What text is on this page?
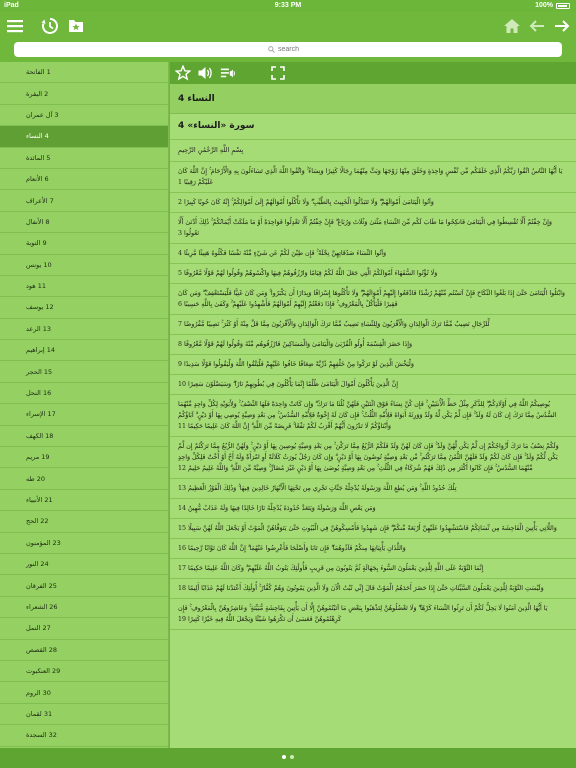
iPad	9:33 PM	100%
search
1 الفاتحة
2 البقرة
3 آل عمران
4 النساء
5 المائدة
6 الأنعام
7 الأعراف
8 الأنفال
9 التوبة
10 يونس
11 هود
12 يوسف
13 الرعد
14 إبراهيم
15 الحجر
16 النحل
17 الإسراء
18 الكهف
19 مريم
20 طه
21 الأنبياء
22 الحج
23 المؤمنون
24 النور
25 الفرقان
26 الشعراء
27 النمل
28 القصص
29 العنكبوت
30 الروم
31 لقمان
32 السجدة
النساء 4
سورة «النساء» 4
بِسْمِ اللَّهِ الرَّحْمَٰنِ الرَّحِيمِ
يَا أَيُّهَا النَّاسُ اتَّقُوا رَبَّكُمُ الَّذِي خَلَقَكُم مِّن نَّفْسٍ وَاحِدَةٍ وَخَلَقَ مِنْهَا زَوْجَهَا وَبَثَّ مِنْهُمَا رِجَالًا كَثِيرًا وَنِسَاءً ۚ وَاتَّقُوا اللَّهَ الَّذِي تَسَاءَلُونَ بِهِ وَالْأَرْحَامَ ۚ إِنَّ اللَّهَ كَانَ عَلَيْكُمْ رَقِيبًا 1
وَآتُوا الْيَتَامَىٰ أَمْوَالَهُمْ ۖ وَلَا تَتَبَدَّلُوا الْخَبِيثَ بِالطَّيِّبِ ۖ وَلَا تَأْكُلُوا أَمْوَالَهُمْ إِلَىٰ أَمْوَالِكُمْ ۚ إِنَّهُ كَانَ حُوبًا كَبِيرًا 2
وَإِنْ خِفْتُمْ أَلَّا تُقْسِطُوا فِي الْيَتَامَىٰ فَانكِحُوا مَا طَابَ لَكُم مِّنَ النِّسَاءِ مَثْنَىٰ وَثُلَاثَ وَرُبَاعَ ۖ فَإِنْ خِفْتُمْ أَلَّا تَعْدِلُوا فَوَاحِدَةً أَوْ مَا مَلَكَتْ أَيْمَانُكُمْ ۚ ذَٰلِكَ أَدْنَىٰ أَلَّا تَعُولُوا 3
وَآتُوا النِّسَاءَ صَدُقَاتِهِنَّ نِحْلَةً ۚ فَإِن طِبْنَ لَكُمْ عَن شَيْءٍ مِّنْهُ نَفْسًا فَكُلُوهُ هَنِيئًا مَّرِيئًا 4
وَلَا تُؤْتُوا السُّفَهَاءَ أَمْوَالَكُمُ الَّتِي جَعَلَ اللَّهُ لَكُمْ قِيَامًا وَارْزُقُوهُمْ فِيهَا وَاكْسُوهُمْ وَقُولُوا لَهُمْ قَوْلًا مَّعْرُوفًا 5
وَابْتَلُوا الْيَتَامَىٰ حَتَّىٰ إِذَا بَلَغُوا النِّكَاحَ فَإِنْ آنَسْتُم مِّنْهُمْ رُشْدًا فَادْفَعُوا إِلَيْهِمْ أَمْوَالَهُمْ ۖ وَلَا تَأْكُلُوهَا إِسْرَافًا وَبِدَارًا أَن يَكْبَرُوا ۚ وَمَن كَانَ غَنِيًّا فَلْيَسْتَعْفِفْ ۖ وَمَن كَانَ فَقِيرًا فَلْيَأْكُلْ بِالْمَعْرُوفِ ۚ فَإِذَا دَفَعْتُمْ إِلَيْهِمْ أَمْوَالَهُمْ فَأَشْهِدُوا عَلَيْهِمْ ۚ وَكَفَىٰ بِاللَّهِ حَسِيبًا 6
لِّلرِّجَالِ نَصِيبٌ مِّمَّا تَرَكَ الْوَالِدَانِ وَالْأَقْرَبُونَ وَلِلنِّسَاءِ نَصِيبٌ مِّمَّا تَرَكَ الْوَالِدَانِ وَالْأَقْرَبُونَ مِمَّا قَلَّ مِنْهُ أَوْ كَثُرَ ۚ نَصِيبًا مَّفْرُوضًا 7
وَإِذَا حَضَرَ الْقِسْمَةَ أُولُو الْقُرْبَىٰ وَالْيَتَامَىٰ وَالْمَسَاكِينُ فَارْزُقُوهُم مِّنْهُ وَقُولُوا لَهُمْ قَوْلًا مَّعْرُوفًا 8
وَلْيَخْشَ الَّذِينَ لَوْ تَرَكُوا مِنْ خَلْفِهِمْ ذُرِّيَّةً ضِعَافًا خَافُوا عَلَيْهِمْ فَلْيَتَّقُوا اللَّهَ وَلْيَقُولُوا قَوْلًا سَدِيدًا 9
إِنَّ الَّذِينَ يَأْكُلُونَ أَمْوَالَ الْيَتَامَىٰ ظُلْمًا إِنَّمَا يَأْكُلُونَ فِي بُطُونِهِمْ نَارًا ۖ وَسَيَصْلَوْنَ سَعِيرًا 10
يُوصِيكُمُ اللَّهُ فِي أَوْلَادِكُمْ ۖ لِلذَّكَرِ مِثْلُ حَظِّ الْأُنثَيَيْنِ ۚ فَإِن كُنَّ نِسَاءً فَوْقَ اثْنَتَيْنِ فَلَهُنَّ ثُلُثَا مَا تَرَكَ ۖ وَإِن كَانَتْ وَاحِدَةً فَلَهَا النِّصْفُ ۚ وَلِأَبَوَيْهِ لِكُلِّ وَاحِدٍ مِّنْهُمَا السُّدُسُ مِمَّا تَرَكَ إِن كَانَ لَهُ وَلَدٌ ۚ فَإِن لَّمْ يَكُن لَّهُ وَلَدٌ وَوَرِثَهُ أَبَوَاهُ فَلِأُمِّهِ الثُّلُثُ ۚ فَإِن كَانَ لَهُ إِخْوَةٌ فَلِأُمِّهِ السُّدُسُ ۚ مِن بَعْدِ وَصِيَّةٍ يُوصِي بِهَا أَوْ دَيْنٍ ۗ آبَاؤُكُمْ وَأَبْنَاؤُكُمْ لَا تَدْرُونَ أَيُّهُمْ أَقْرَبُ لَكُمْ نَفْعًا ۚ فَرِيضَةً مِّنَ اللَّهِ ۗ إِنَّ اللَّهَ كَانَ عَلِيمًا حَكِيمًا 11
وَلَكُمْ نِصْفُ مَا تَرَكَ أَزْوَاجُكُمْ إِن لَّمْ يَكُن لَّهُنَّ وَلَدٌ ۚ فَإِن كَانَ لَهُنَّ وَلَدٌ فَلَكُمُ الرُّبُعُ مِمَّا تَرَكْنَ ۚ مِن بَعْدِ وَصِيَّةٍ يُوصِينَ بِهَا أَوْ دَيْنٍ ۚ وَلَهُنَّ الرُّبُعُ مِمَّا تَرَكْتُمْ إِن لَّمْ يَكُن لَّكُمْ وَلَدٌ ۚ فَإِن كَانَ لَكُمْ وَلَدٌ فَلَهُنَّ الثُّمُنُ مِمَّا تَرَكْتُم ۚ مِّن بَعْدِ وَصِيَّةٍ تُوصُونَ بِهَا أَوْ دَيْنٍ ۗ وَإِن كَانَ رَجُلٌ يُورَثُ كَلَالَةً أَوِ امْرَأَةٌ وَلَهُ أَخٌ أَوْ أُخْتٌ فَلِكُلِّ وَاحِدٍ مِّنْهُمَا السُّدُسُ ۚ فَإِن كَانُوا أَكْثَرَ مِن ذَٰلِكَ فَهُمْ شُرَكَاءُ فِي الثُّلُثِ ۚ مِن بَعْدِ وَصِيَّةٍ يُوصَىٰ بِهَا أَوْ دَيْنٍ غَيْرَ مُضَارٍّ ۚ وَصِيَّةً مِّنَ اللَّهِ ۗ وَاللَّهُ عَلِيمٌ حَلِيمٌ 12
تِلْكَ حُدُودُ اللَّهِ ۚ وَمَن يُطِعِ اللَّهَ وَرَسُولَهُ يُدْخِلْهُ جَنَّاتٍ تَجْرِي مِن تَحْتِهَا الْأَنْهَارُ خَالِدِينَ فِيهَا ۚ وَذَٰلِكَ الْفَوْزُ الْعَظِيمُ 13
وَمَن يَعْصِ اللَّهَ وَرَسُولَهُ وَيَتَعَدَّ حُدُودَهُ يُدْخِلْهُ نَارًا خَالِدًا فِيهَا وَلَهُ عَذَابٌ مُّهِينٌ 14
وَاللَّاتِي يَأْتِينَ الْفَاحِشَةَ مِن نِّسَائِكُمْ فَاسْتَشْهِدُوا عَلَيْهِنَّ أَرْبَعَةً مِّنكُمْ ۖ فَإِن شَهِدُوا فَأَمْسِكُوهُنَّ فِي الْبُيُوتِ حَتَّىٰ يَتَوَفَّاهُنَّ الْمَوْتُ أَوْ يَجْعَلَ اللَّهُ لَهُنَّ سَبِيلًا 15
وَاللَّذَانِ يَأْتِيَانِهَا مِنكُمْ فَآذُوهُمَا ۖ فَإِن تَابَا وَأَصْلَحَا فَأَعْرِضُوا عَنْهُمَا ۗ إِنَّ اللَّهَ كَانَ تَوَّابًا رَّحِيمًا 16
إِنَّمَا التَّوْبَةُ عَلَى اللَّهِ لِلَّذِينَ يَعْمَلُونَ السُّوءَ بِجَهَالَةٍ ثُمَّ يَتُوبُونَ مِن قَرِيبٍ فَأُولَٰئِكَ يَتُوبُ اللَّهُ عَلَيْهِمْ ۗ وَكَانَ اللَّهُ عَلِيمًا حَكِيمًا 17
وَلَيْسَتِ التَّوْبَةُ لِلَّذِينَ يَعْمَلُونَ السَّيِّئَاتِ حَتَّىٰ إِذَا حَضَرَ أَحَدَهُمُ الْمَوْتُ قَالَ إِنِّي تُبْتُ الْآنَ وَلَا الَّذِينَ يَمُوتُونَ وَهُمْ كُفَّارٌ ۚ أُولَٰئِكَ أَعْتَدْنَا لَهُمْ عَذَابًا أَلِيمًا 18
يَا أَيُّهَا الَّذِينَ آمَنُوا لَا يَحِلُّ لَكُمْ أَن تَرِثُوا النِّسَاءَ كَرْهًا ۖ وَلَا تَعْضُلُوهُنَّ لِتَذْهَبُوا بِبَعْضِ مَا آتَيْتُمُوهُنَّ إِلَّا أَن يَأْتِينَ بِفَاحِشَةٍ مُّبَيِّنَةٍ ۚ وَعَاشِرُوهُنَّ بِالْمَعْرُوفِ ۚ فَإِن كَرِهْتُمُوهُنَّ فَعَسَىٰ أَن تَكْرَهُوا شَيْئًا وَيَجْعَلَ اللَّهُ فِيهِ خَيْرًا كَثِيرًا 19
